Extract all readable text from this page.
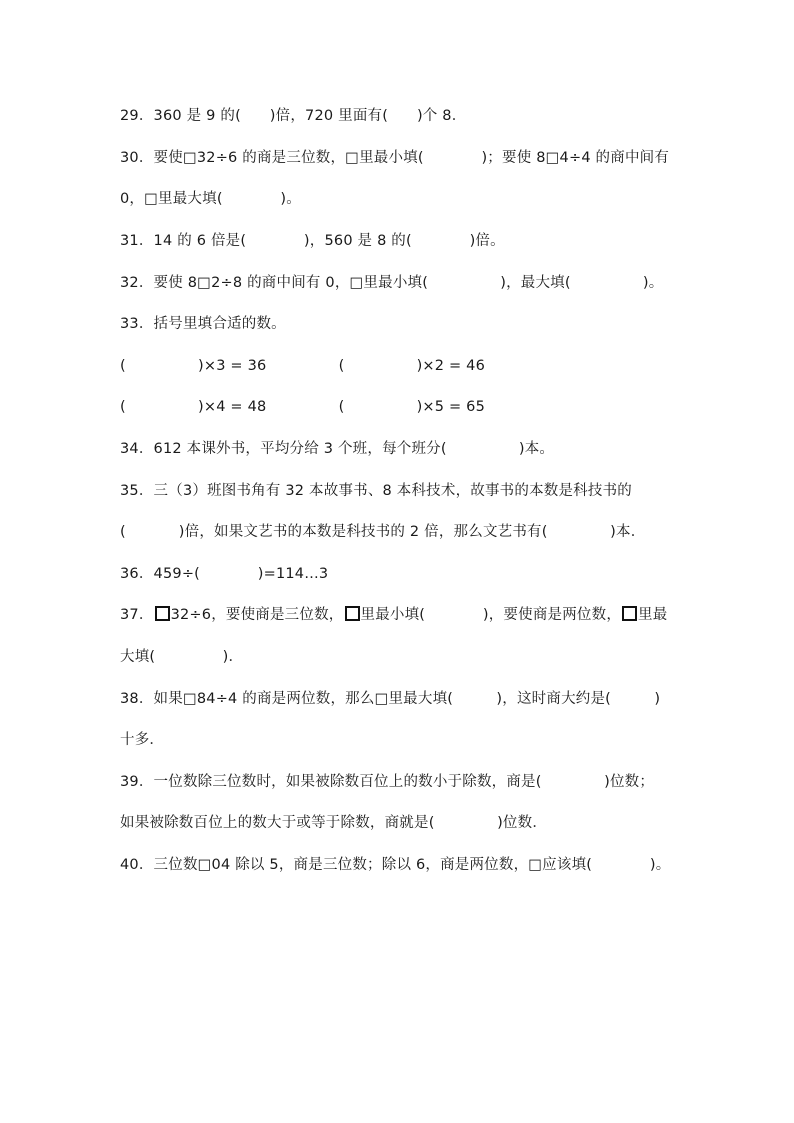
29．360 是 9 的(      )倍，720 里面有(      )个 8．
30．要使□32÷6 的商是三位数，□里最小填(            )；要使 8□4÷4 的商中间有
0，□里最大填(            )。
31．14 的 6 倍是(            )，560 是 8 的(            )倍。
32．要使 8□2÷8 的商中间有 0，□里最小填(               )，最大填(               )。
33．括号里填合适的数。
(               )×3 = 36               (               )×2 = 46
(               )×4 = 48               (               )×5 = 65
34．612 本课外书，平均分给 3 个班，每个班分(               )本。
35．三（3）班图书角有 32 本故事书、8 本科技术，故事书的本数是科技书的
(           )倍，如果文艺书的本数是科技书的 2 倍，那么文艺书有(             )本．
36．459÷(            )=114…3
37． 32÷6，要使商是三位数， 里最小填(            )，要使商是两位数， 里最
大填(              )．
38．如果□84÷4 的商是两位数，那么□里最大填(         )，这时商大约是(         )
十多．
39．一位数除三位数时，如果被除数百位上的数小于除数，商是(             )位数；
如果被除数百位上的数大于或等于除数，商就是(             )位数．
40．三位数□04 除以 5，商是三位数；除以 6，商是两位数，□应该填(            )。
